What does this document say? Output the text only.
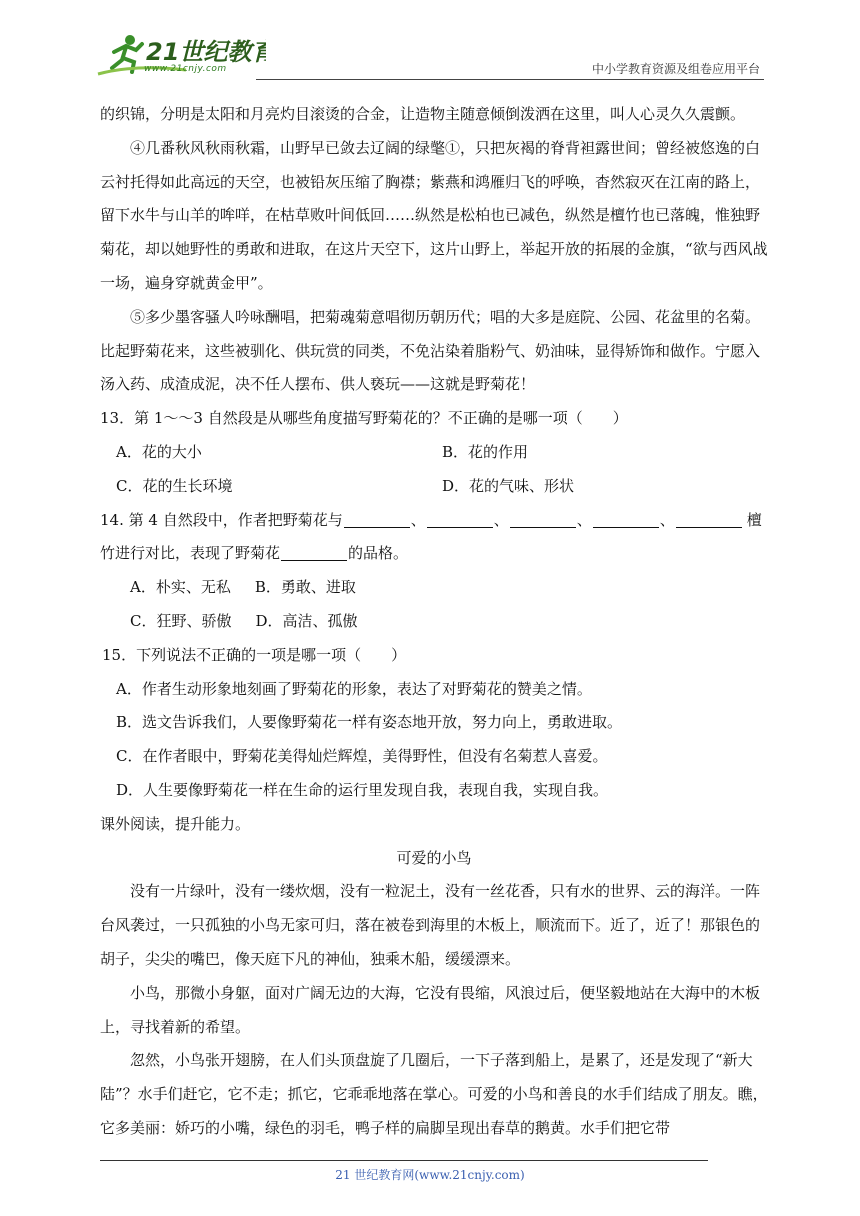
21世纪教育
www.21cnjy.com	中小学教育资源及组卷应用平台

的织锦，分明是太阳和月亮灼目滚烫的合金，让造物主随意倾倒泼洒在这里，叫人心灵久久震颤。

④几番秋风秋雨秋霜，山野早已敛去辽阔的绿氅①，只把灰褐的脊背袒露世间；曾经被悠逸的白云衬托得如此高远的天空，也被铅灰压缩了胸襟；紫燕和鸿雁归飞的呼唤，杳然寂灭在江南的路上，留下水牛与山羊的哞咩，在枯草败叶间低回……纵然是松柏也已减色，纵然是檀竹也已落魄，惟独野菊花，却以她野性的勇敢和进取，在这片天空下，这片山野上，举起开放的拓展的金旗，“欲与西风战一场，遍身穿就黄金甲”。

⑤多少墨客骚人吟咏酬唱，把菊魂菊意唱彻历朝历代；唱的大多是庭院、公园、花盆里的名菊。比起野菊花来，这些被驯化、供玩赏的同类，不免沾染着脂粉气、奶油味，显得矫饰和做作。宁愿入汤入药、成渣成泥，决不任人摆布、供人亵玩——这就是野菊花！

13．第 1～～3 自然段是从哪些角度描写野菊花的？不正确的是哪一项（　　）

A．花的大小	B．花的作用
C．花的生长环境	D．花的气味、形状

14. 第 4 自然段中，作者把野菊花与	、	、	、	、	檀

竹进行对比，表现了野菊花	的品格。

A．朴实、无私 B．勇敢、进取

C．狂野、骄傲 D．高洁、孤傲

15．下列说法不正确的一项是哪一项（　　）

A．作者生动形象地刻画了野菊花的形象，表达了对野菊花的赞美之情。

B．选文告诉我们，人要像野菊花一样有姿态地开放，努力向上，勇敢进取。

C．在作者眼中，野菊花美得灿烂辉煌，美得野性，但没有名菊惹人喜爱。

D．人生要像野菊花一样在生命的运行里发现自我，表现自我，实现自我。

课外阅读，提升能力。

可爱的小鸟

没有一片绿叶，没有一缕炊烟，没有一粒泥土，没有一丝花香，只有水的世界、云的海洋。一阵台风袭过，一只孤独的小鸟无家可归，落在被卷到海里的木板上，顺流而下。近了，近了！那银色的胡子，尖尖的嘴巴，像天庭下凡的神仙，独乘木船，缓缓漂来。

小鸟，那微小身躯，面对广阔无边的大海，它没有畏缩，风浪过后，便坚毅地站在大海中的木板上，寻找着新的希望。

忽然，小鸟张开翅膀，在人们头顶盘旋了几圈后，一下子落到船上，是累了，还是发现了“新大陆”？水手们赶它，它不走；抓它，它乖乖地落在掌心。可爱的小鸟和善良的水手们结成了朋友。瞧，它多美丽：娇巧的小嘴，绿色的羽毛，鸭子样的扁脚呈现出春草的鹅黄。水手们把它带

21 世纪教育网(www.21cnjy.com)
